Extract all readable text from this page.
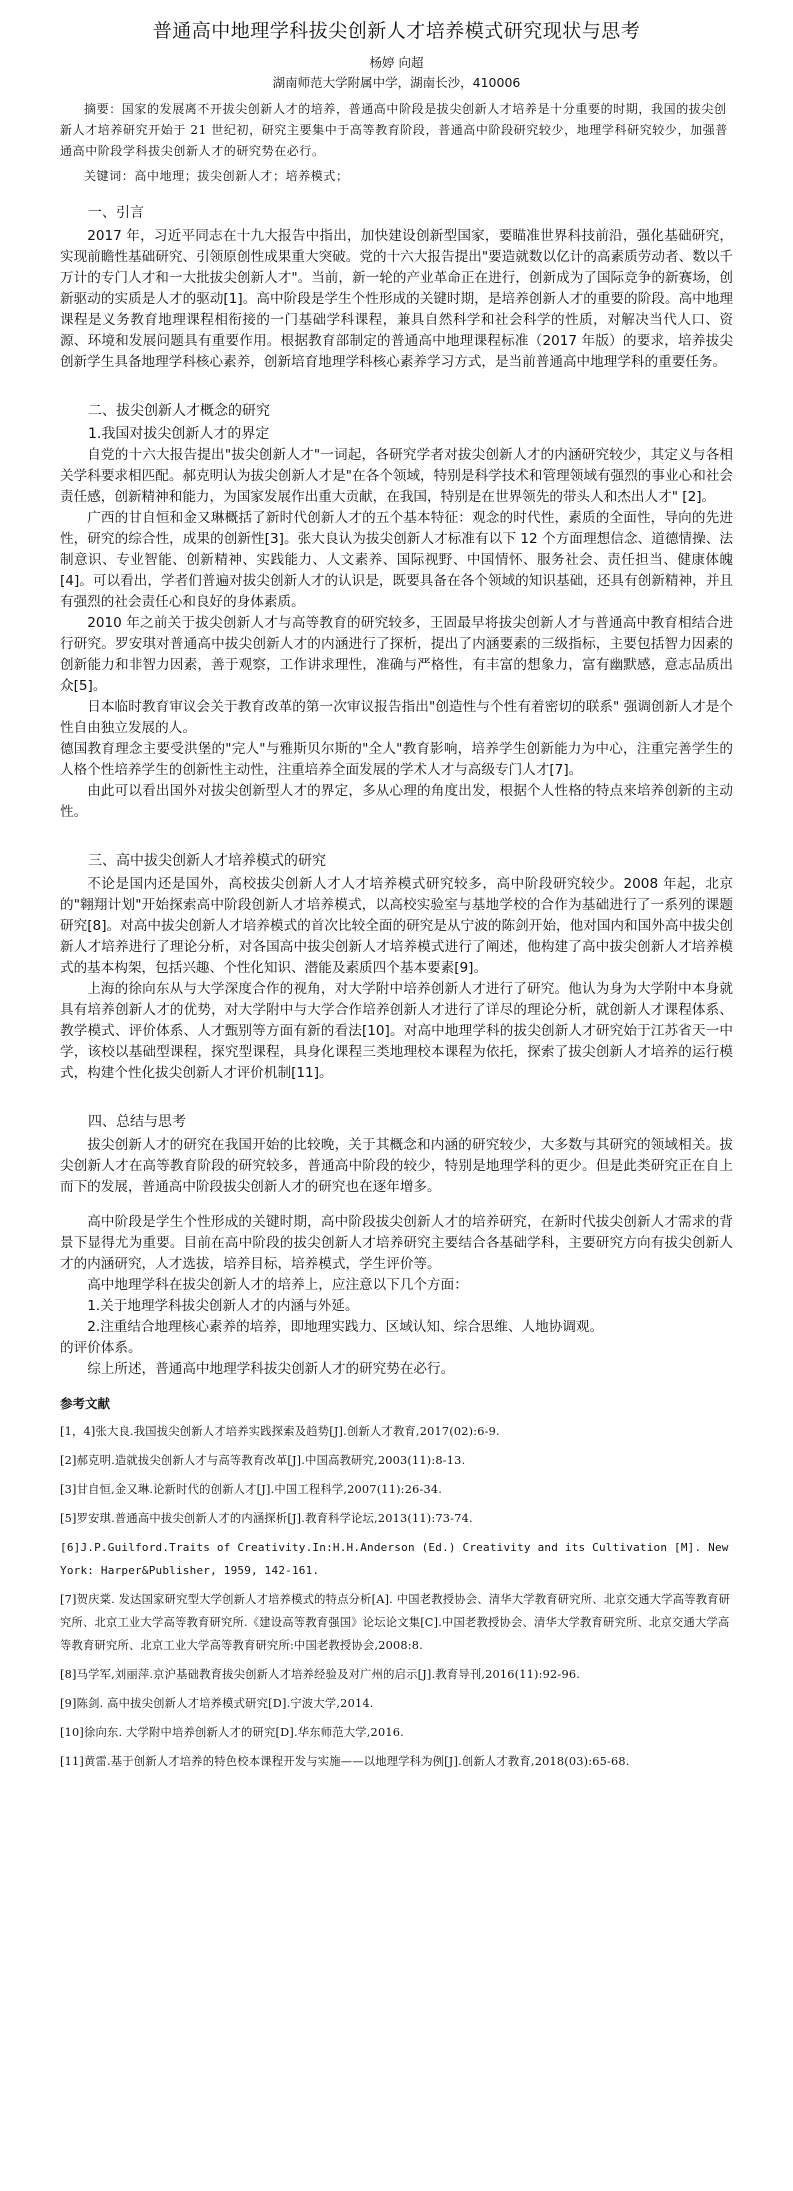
普通高中地理学科拔尖创新人才培养模式研究现状与思考
杨婷 向超
湖南师范大学附属中学，湖南长沙，410006

摘要：国家的发展离不开拔尖创新人才的培养，普通高中阶段是拔尖创新人才培养是十分重要的时期，我国的拔尖创新人才培养研究开始于 21 世纪初，研究主要集中于高等教育阶段，普通高中阶段研究较少，地理学科研究较少，加强普通高中阶段学科拔尖创新人才的研究势在必行。

关键词：高中地理；拔尖创新人才；培养模式；

一、引言

2017 年，习近平同志在十九大报告中指出，加快建设创新型国家，要瞄准世界科技前沿，强化基础研究，实现前瞻性基础研究、引领原创性成果重大突破。党的十六大报告提出"要造就数以亿计的高素质劳动者、数以千万计的专门人才和一大批拔尖创新人才"。当前，新一轮的产业革命正在进行，创新成为了国际竞争的新赛场，创新驱动的实质是人才的驱动[1]。高中阶段是学生个性形成的关键时期，是培养创新人才的重要的阶段。高中地理课程是义务教育地理课程相衔接的一门基础学科课程，兼具自然科学和社会科学的性质，对解决当代人口、资源、环境和发展问题具有重要作用。根据教育部制定的普通高中地理课程标准（2017 年版）的要求，培养拔尖创新学生具备地理学科核心素养，创新培育地理学科核心素养学习方式，是当前普通高中地理学科的重要任务。

二、拔尖创新人才概念的研究
1.我国对拔尖创新人才的界定

自党的十六大报告提出"拔尖创新人才"一词起，各研究学者对拔尖创新人才的内涵研究较少，其定义与各相关学科要求相匹配。郝克明认为拔尖创新人才是"在各个领域，特别是科学技术和管理领域有强烈的事业心和社会责任感，创新精神和能力，为国家发展作出重大贡献，在我国，特别是在世界领先的带头人和杰出人才" [2]。

广西的甘自恒和金又琳概括了新时代创新人才的五个基本特征：观念的时代性，素质的全面性，导向的先进性，研究的综合性，成果的创新性[3]。张大良认为拔尖创新人才标准有以下 12 个方面理想信念、道德情操、法制意识、专业智能、创新精神、实践能力、人文素养、国际视野、中国情怀、服务社会、责任担当、健康体魄[4]。可以看出，学者们普遍对拔尖创新人才的认识是，既要具备在各个领域的知识基础，还具有创新精神，并且有强烈的社会责任心和良好的身体素质。

2010 年之前关于拔尖创新人才与高等教育的研究较多，王固最早将拔尖创新人才与普通高中教育相结合进行研究。罗安琪对普通高中拔尖创新人才的内涵进行了探析，提出了内涵要素的三级指标，主要包括智力因素的创新能力和非智力因素，善于观察，工作讲求理性，准确与严格性，有丰富的想象力，富有幽默感，意志品质出众[5]。

日本临时教育审议会关于教育改革的第一次审议报告指出"创造性与个性有着密切的联系" 强调创新人才是个性自由独立发展的人。

德国教育理念主要受洪堡的"完人"与雅斯贝尔斯的"全人"教育影响，培养学生创新能力为中心，注重完善学生的人格个性培养学生的创新性主动性，注重培养全面发展的学术人才与高级专门人才[7]。

由此可以看出国外对拔尖创新型人才的界定，多从心理的角度出发，根据个人性格的特点来培养创新的主动性。

三、高中拔尖创新人才培养模式的研究

不论是国内还是国外，高校拔尖创新人才人才培养模式研究较多，高中阶段研究较少。2008 年起，北京的"翱翔计划"开始探索高中阶段创新人才培养模式，以高校实验室与基地学校的合作为基础进行了一系列的课题研究[8]。对高中拔尖创新人才培养模式的首次比较全面的研究是从宁波的陈剑开始，他对国内和国外高中拔尖创新人才培养进行了理论分析，对各国高中拔尖创新人才培养模式进行了阐述，他构建了高中拔尖创新人才培养模式的基本构架，包括兴趣、个性化知识、潜能及素质四个基本要素[9]。

上海的徐向东从与大学深度合作的视角，对大学附中培养创新人才进行了研究。他认为身为大学附中本身就具有培养创新人才的优势，对大学附中与大学合作培养创新人才进行了详尽的理论分析，就创新人才课程体系、教学模式、评价体系、人才甄别等方面有新的看法[10]。对高中地理学科的拔尖创新人才研究始于江苏省天一中学，该校以基础型课程，探究型课程，具身化课程三类地理校本课程为依托，探索了拔尖创新人才培养的运行模式，构建个性化拔尖创新人才评价机制[11]。

四、总结与思考

拔尖创新人才的研究在我国开始的比较晚，关于其概念和内涵的研究较少，大多数与其研究的领域相关。拔尖创新人才在高等教育阶段的研究较多，普通高中阶段的较少，特别是地理学科的更少。但是此类研究正在自上而下的发展，普通高中阶段拔尖创新人才的研究也在逐年增多。

高中阶段是学生个性形成的关键时期，高中阶段拔尖创新人才的培养研究，在新时代拔尖创新人才需求的背景下显得尤为重要。目前在高中阶段的拔尖创新人才培养研究主要结合各基础学科，主要研究方向有拔尖创新人才的内涵研究，人才选拔，培养目标，培养模式，学生评价等。

高中地理学科在拔尖创新人才的培养上，应注意以下几个方面：

1.关于地理学科拔尖创新人才的内涵与外延。

2.注重结合地理核心素养的培养，即地理实践力、区域认知、综合思维、人地协调观。

的评价体系。

综上所述，普通高中地理学科拔尖创新人才的研究势在必行。

参考文献

[1，4]张大良.我国拔尖创新人才培养实践探索及趋势[J].创新人才教育,2017(02):6-9.

[2]郝克明.造就拔尖创新人才与高等教育改革[J].中国高教研究,2003(11):8-13.

[3]甘自恒,金又琳.论新时代的创新人才[J].中国工程科学,2007(11):26-34.

[5]罗安琪.普通高中拔尖创新人才的内涵探析[J].教育科学论坛,2013(11):73-74.

[6]J.P.Guilford.Traits of Creativity.In:H.H.Anderson (Ed.) Creativity and its Cultivation [M]. New York: Harper&Publisher, 1959, 142-161.

[7]贺庆棠. 发达国家研究型大学创新人才培养模式的特点分析[A]. 中国老教授协会、清华大学教育研究所、北京交通大学高等教育研究所、北京工业大学高等教育研究所.《建设高等教育强国》论坛论文集[C].中国老教授协会、清华大学教育研究所、北京交通大学高等教育研究所、北京工业大学高等教育研究所:中国老教授协会,2008:8.

[8]马学军,刘丽萍.京沪基础教育拔尖创新人才培养经验及对广州的启示[J].教育导刊,2016(11):92-96.

[9]陈剑. 高中拔尖创新人才培养模式研究[D].宁波大学,2014.

[10]徐向东. 大学附中培养创新人才的研究[D].华东师范大学,2016.

[11]黄雷.基于创新人才培养的特色校本课程开发与实施——以地理学科为例[J].创新人才教育,2018(03):65-68.
